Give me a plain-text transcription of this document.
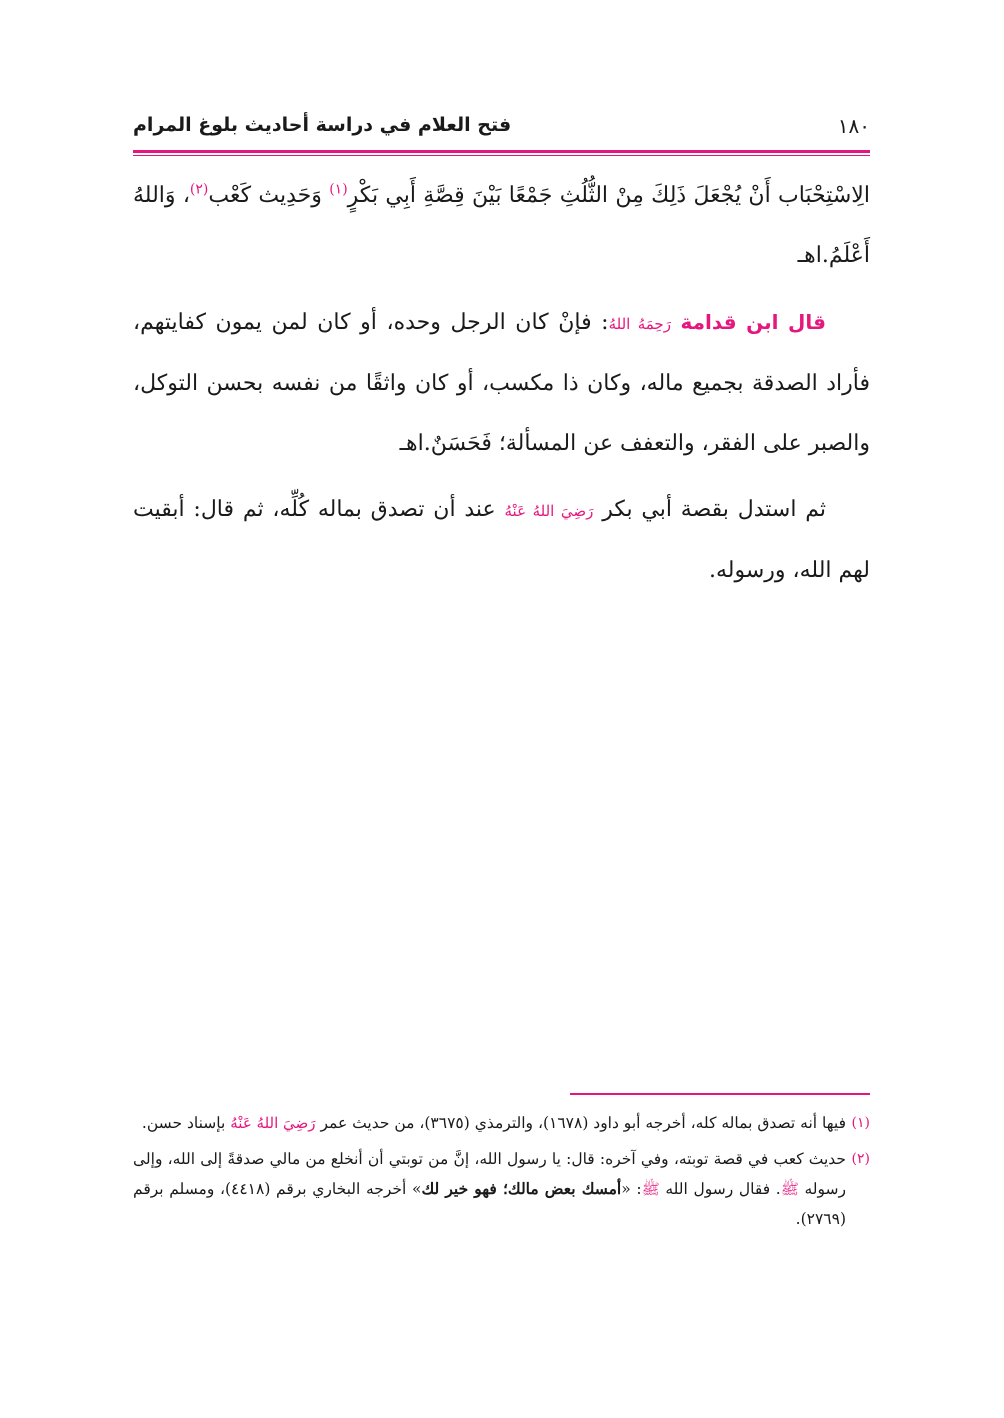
فتح العلام في دراسة أحاديث بلوغ المرام	١٨٠

الِاسْتِحْبَاب أَنْ يُجْعَلَ ذَلِكَ مِنْ الثُّلُثِ جَمْعًا بَيْنَ قِصَّةِ أَبِي بَكْرٍ$^{(١)}$ وَحَدِيث كَعْب$^{(٢)}$، وَاللهُ أَعْلَمُ.اهـ

قال ابن قدامة رَحِمَهُ اللهُ: فإنْ كان الرجل وحده، أو كان لمن يمون كفايتهم، فأراد الصدقة بجميع ماله، وكان ذا مكسب، أو كان واثقًا من نفسه بحسن التوكل، والصبر على الفقر، والتعفف عن المسألة؛ فَحَسَنٌ.اهـ

ثم استدل بقصة أبي بكر رَضِيَ اللهُ عَنْهُ عند أن تصدق بماله كُلِّه، ثم قال: أبقيت لهم الله، ورسوله.

(١)
فيها أنه تصدق بماله كله، أخرجه أبو داود (١٦٧٨)، والترمذي (٣٦٧٥)، من حديث عمر رَضِيَ اللهُ عَنْهُ بإسناد حسن.

(٢)
حديث كعب في قصة توبته، وفي آخره: قال: يا رسول الله، إنَّ من توبتي أن أنخلع من مالي صدقةً إلى الله، وإلى رسوله ﷺ. فقال رسول الله ﷺ: «أمسك بعض مالك؛ فهو خير لك» أخرجه البخاري برقم (٤٤١٨)، ومسلم برقم (٢٧٦٩).
